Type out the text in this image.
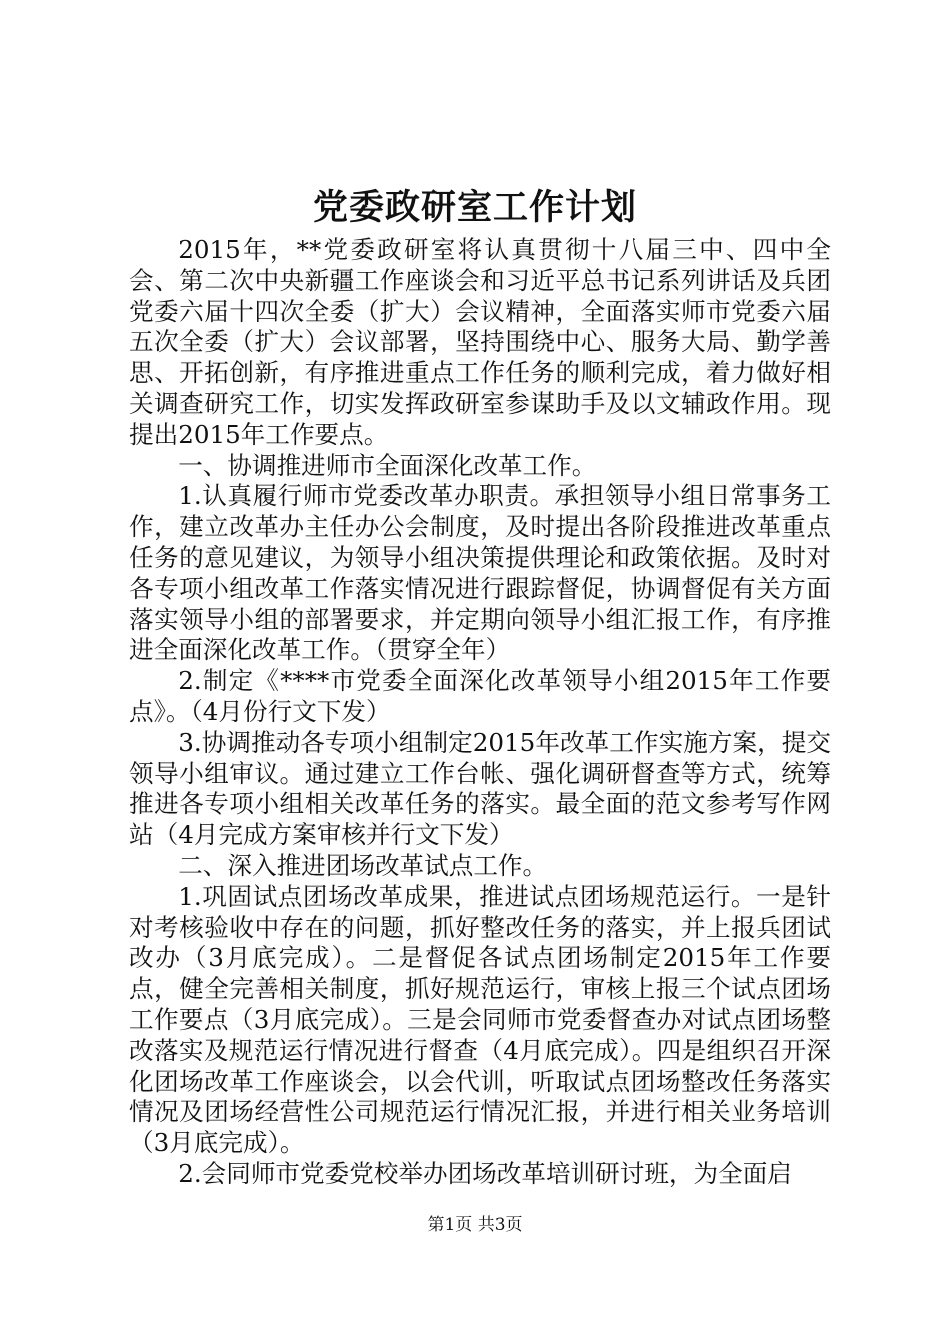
党委政研室工作计划

2015年，**党委政研室将认真贯彻十八届三中、四中全会、第二次中央新疆工作座谈会和习近平总书记系列讲话及兵团党委六届十四次全委（扩大）会议精神，全面落实师市党委六届五次全委（扩大）会议部署，坚持围绕中心、服务大局、勤学善思、开拓创新，有序推进重点工作任务的顺利完成，着力做好相关调查研究工作，切实发挥政研室参谋助手及以文辅政作用。现提出2015年工作要点。

一、协调推进师市全面深化改革工作。

1.认真履行师市党委改革办职责。承担领导小组日常事务工作，建立改革办主任办公会制度，及时提出各阶段推进改革重点任务的意见建议，为领导小组决策提供理论和政策依据。及时对各专项小组改革工作落实情况进行跟踪督促，协调督促有关方面落实领导小组的部署要求，并定期向领导小组汇报工作，有序推进全面深化改革工作。（贯穿全年）

2.制定《****市党委全面深化改革领导小组2015年工作要点》。（4月份行文下发）

3.协调推动各专项小组制定2015年改革工作实施方案，提交领导小组审议。通过建立工作台帐、强化调研督查等方式，统筹推进各专项小组相关改革任务的落实。最全面的范文参考写作网站（4月完成方案审核并行文下发）

二、深入推进团场改革试点工作。

1.巩固试点团场改革成果，推进试点团场规范运行。一是针对考核验收中存在的问题，抓好整改任务的落实，并上报兵团试改办（3月底完成）。二是督促各试点团场制定2015年工作要点，健全完善相关制度，抓好规范运行，审核上报三个试点团场工作要点（3月底完成）。三是会同师市党委督查办对试点团场整改落实及规范运行情况进行督查（4月底完成）。四是组织召开深化团场改革工作座谈会，以会代训，听取试点团场整改任务落实情况及团场经营性公司规范运行情况汇报，并进行相关业务培训（3月底完成）。

2.会同师市党委党校举办团场改革培训研讨班，为全面启

第1页 共3页
